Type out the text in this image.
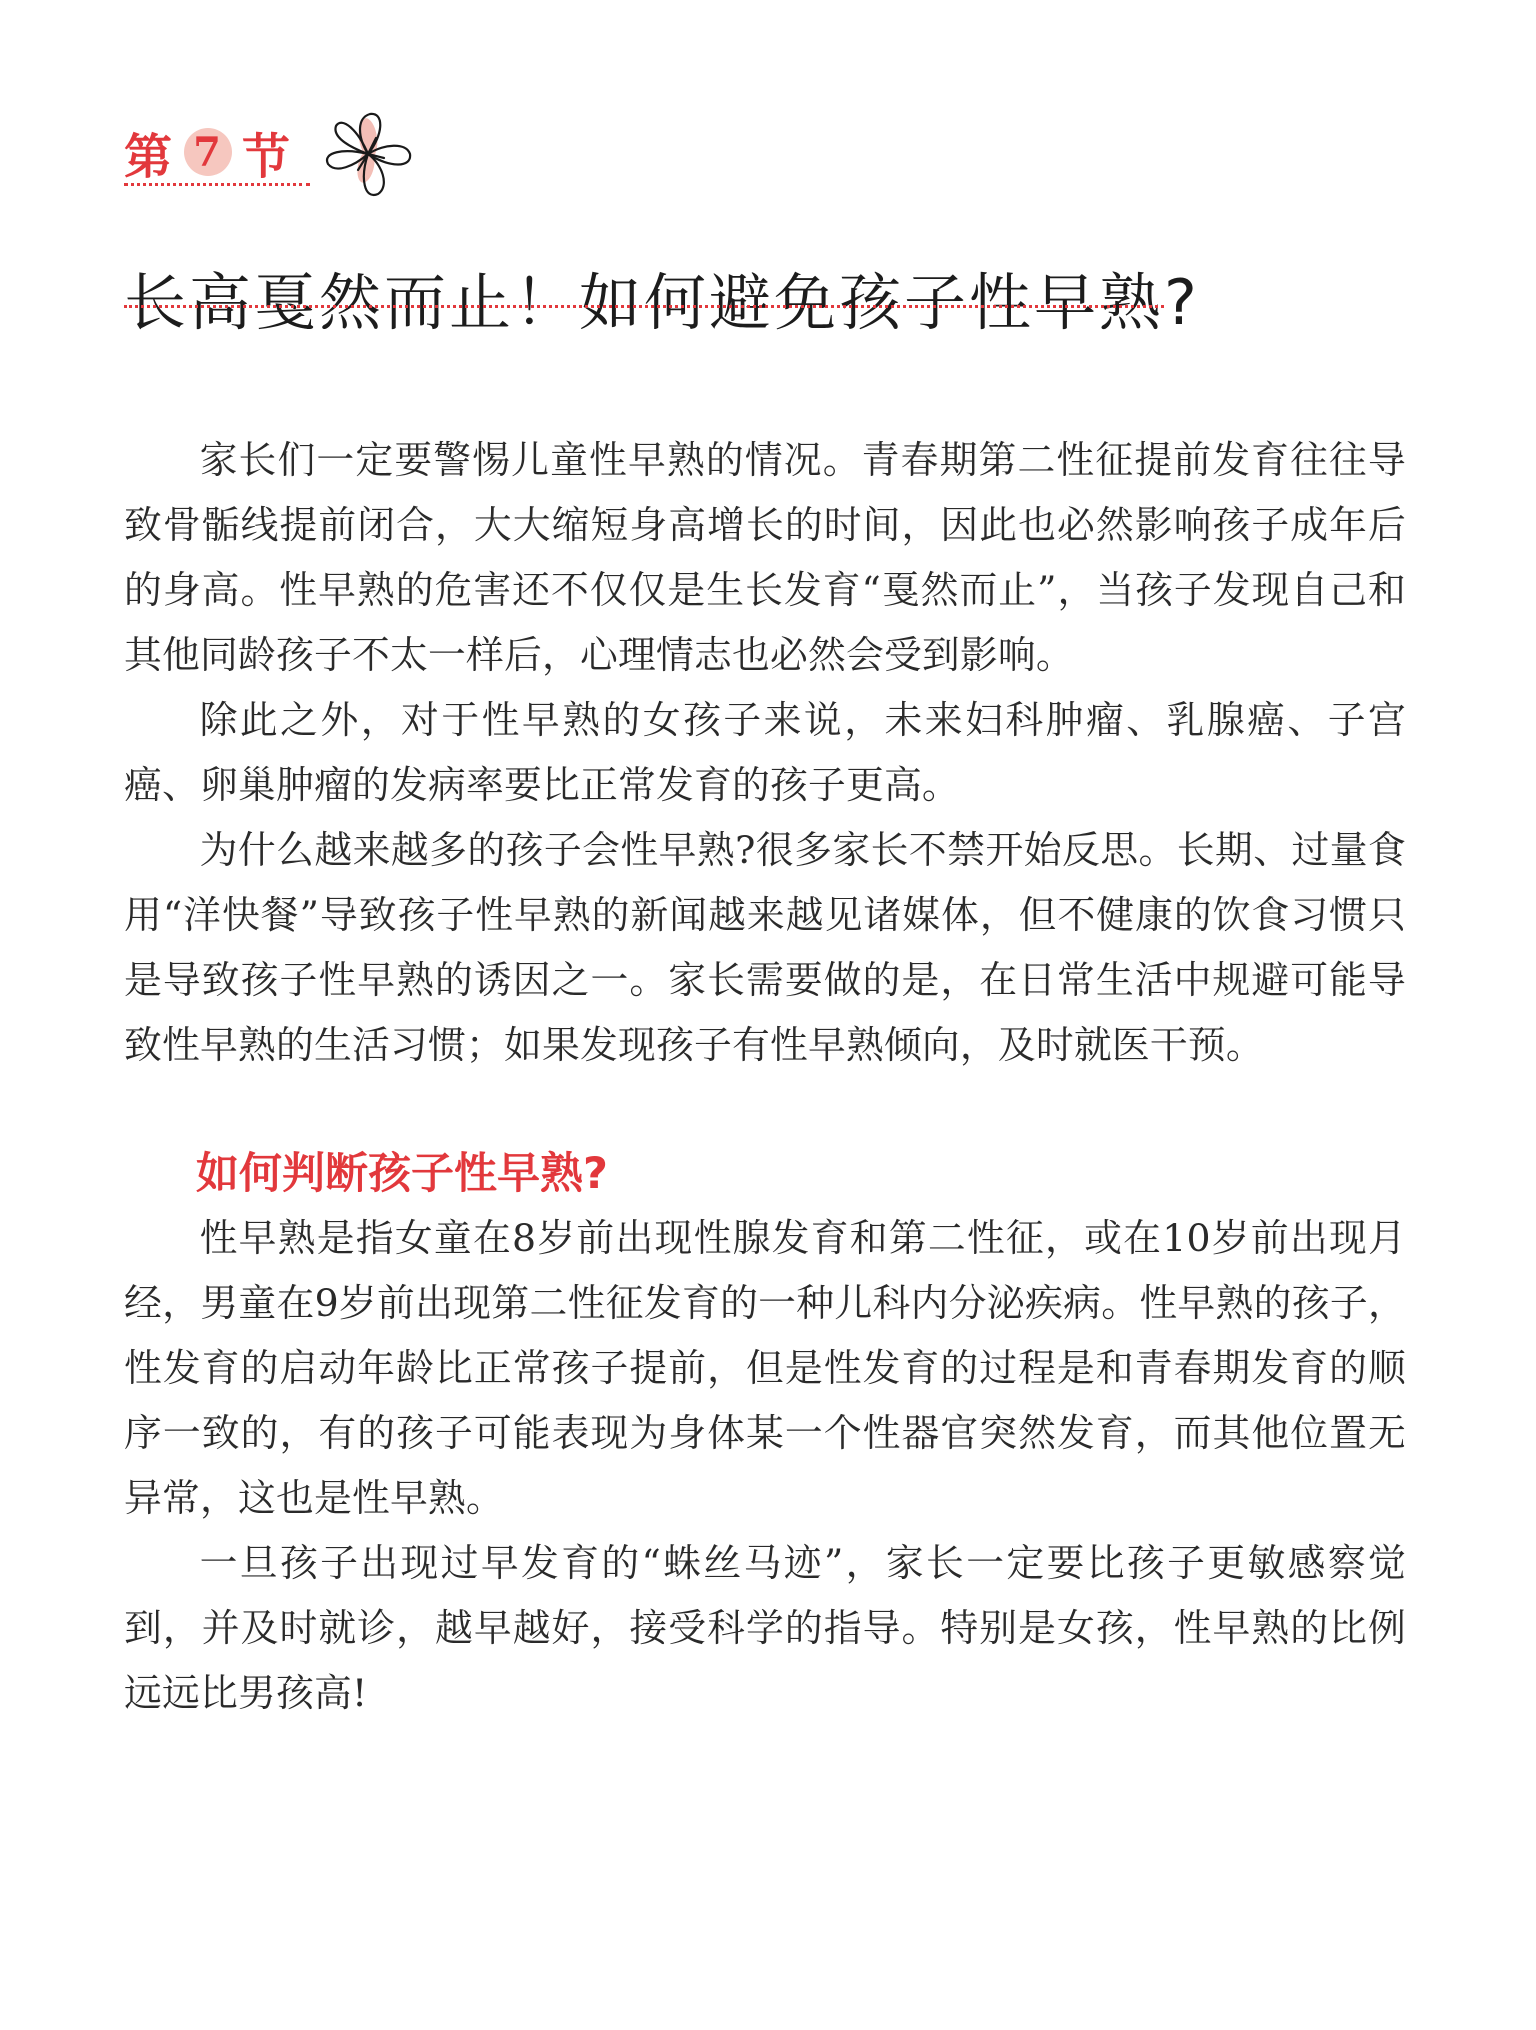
第 7 节
长高戛然而止！如何避免孩子性早熟?

家长们一定要警惕儿童性早熟的情况。青春期第二性征提前发育往往导致骨骺线提前闭合，大大缩短身高增长的时间，因此也必然影响孩子成年后的身高。性早熟的危害还不仅仅是生长发育“戛然而止”，当孩子发现自己和其他同龄孩子不太一样后，心理情志也必然会受到影响。

除此之外，对于性早熟的女孩子来说，未来妇科肿瘤、乳腺癌、子宫癌、卵巢肿瘤的发病率要比正常发育的孩子更高。

为什么越来越多的孩子会性早熟?很多家长不禁开始反思。长期、过量食用“洋快餐”导致孩子性早熟的新闻越来越见诸媒体，但不健康的饮食习惯只是导致孩子性早熟的诱因之一。家长需要做的是，在日常生活中规避可能导致性早熟的生活习惯；如果发现孩子有性早熟倾向，及时就医干预。

如何判断孩子性早熟?

性早熟是指女童在8岁前出现性腺发育和第二性征，或在10岁前出现月经，男童在9岁前出现第二性征发育的一种儿科内分泌疾病。性早熟的孩子，性发育的启动年龄比正常孩子提前，但是性发育的过程是和青春期发育的顺序一致的，有的孩子可能表现为身体某一个性器官突然发育，而其他位置无异常，这也是性早熟。

一旦孩子出现过早发育的“蛛丝马迹”，家长一定要比孩子更敏感察觉到，并及时就诊，越早越好，接受科学的指导。特别是女孩，性早熟的比例远远比男孩高!
